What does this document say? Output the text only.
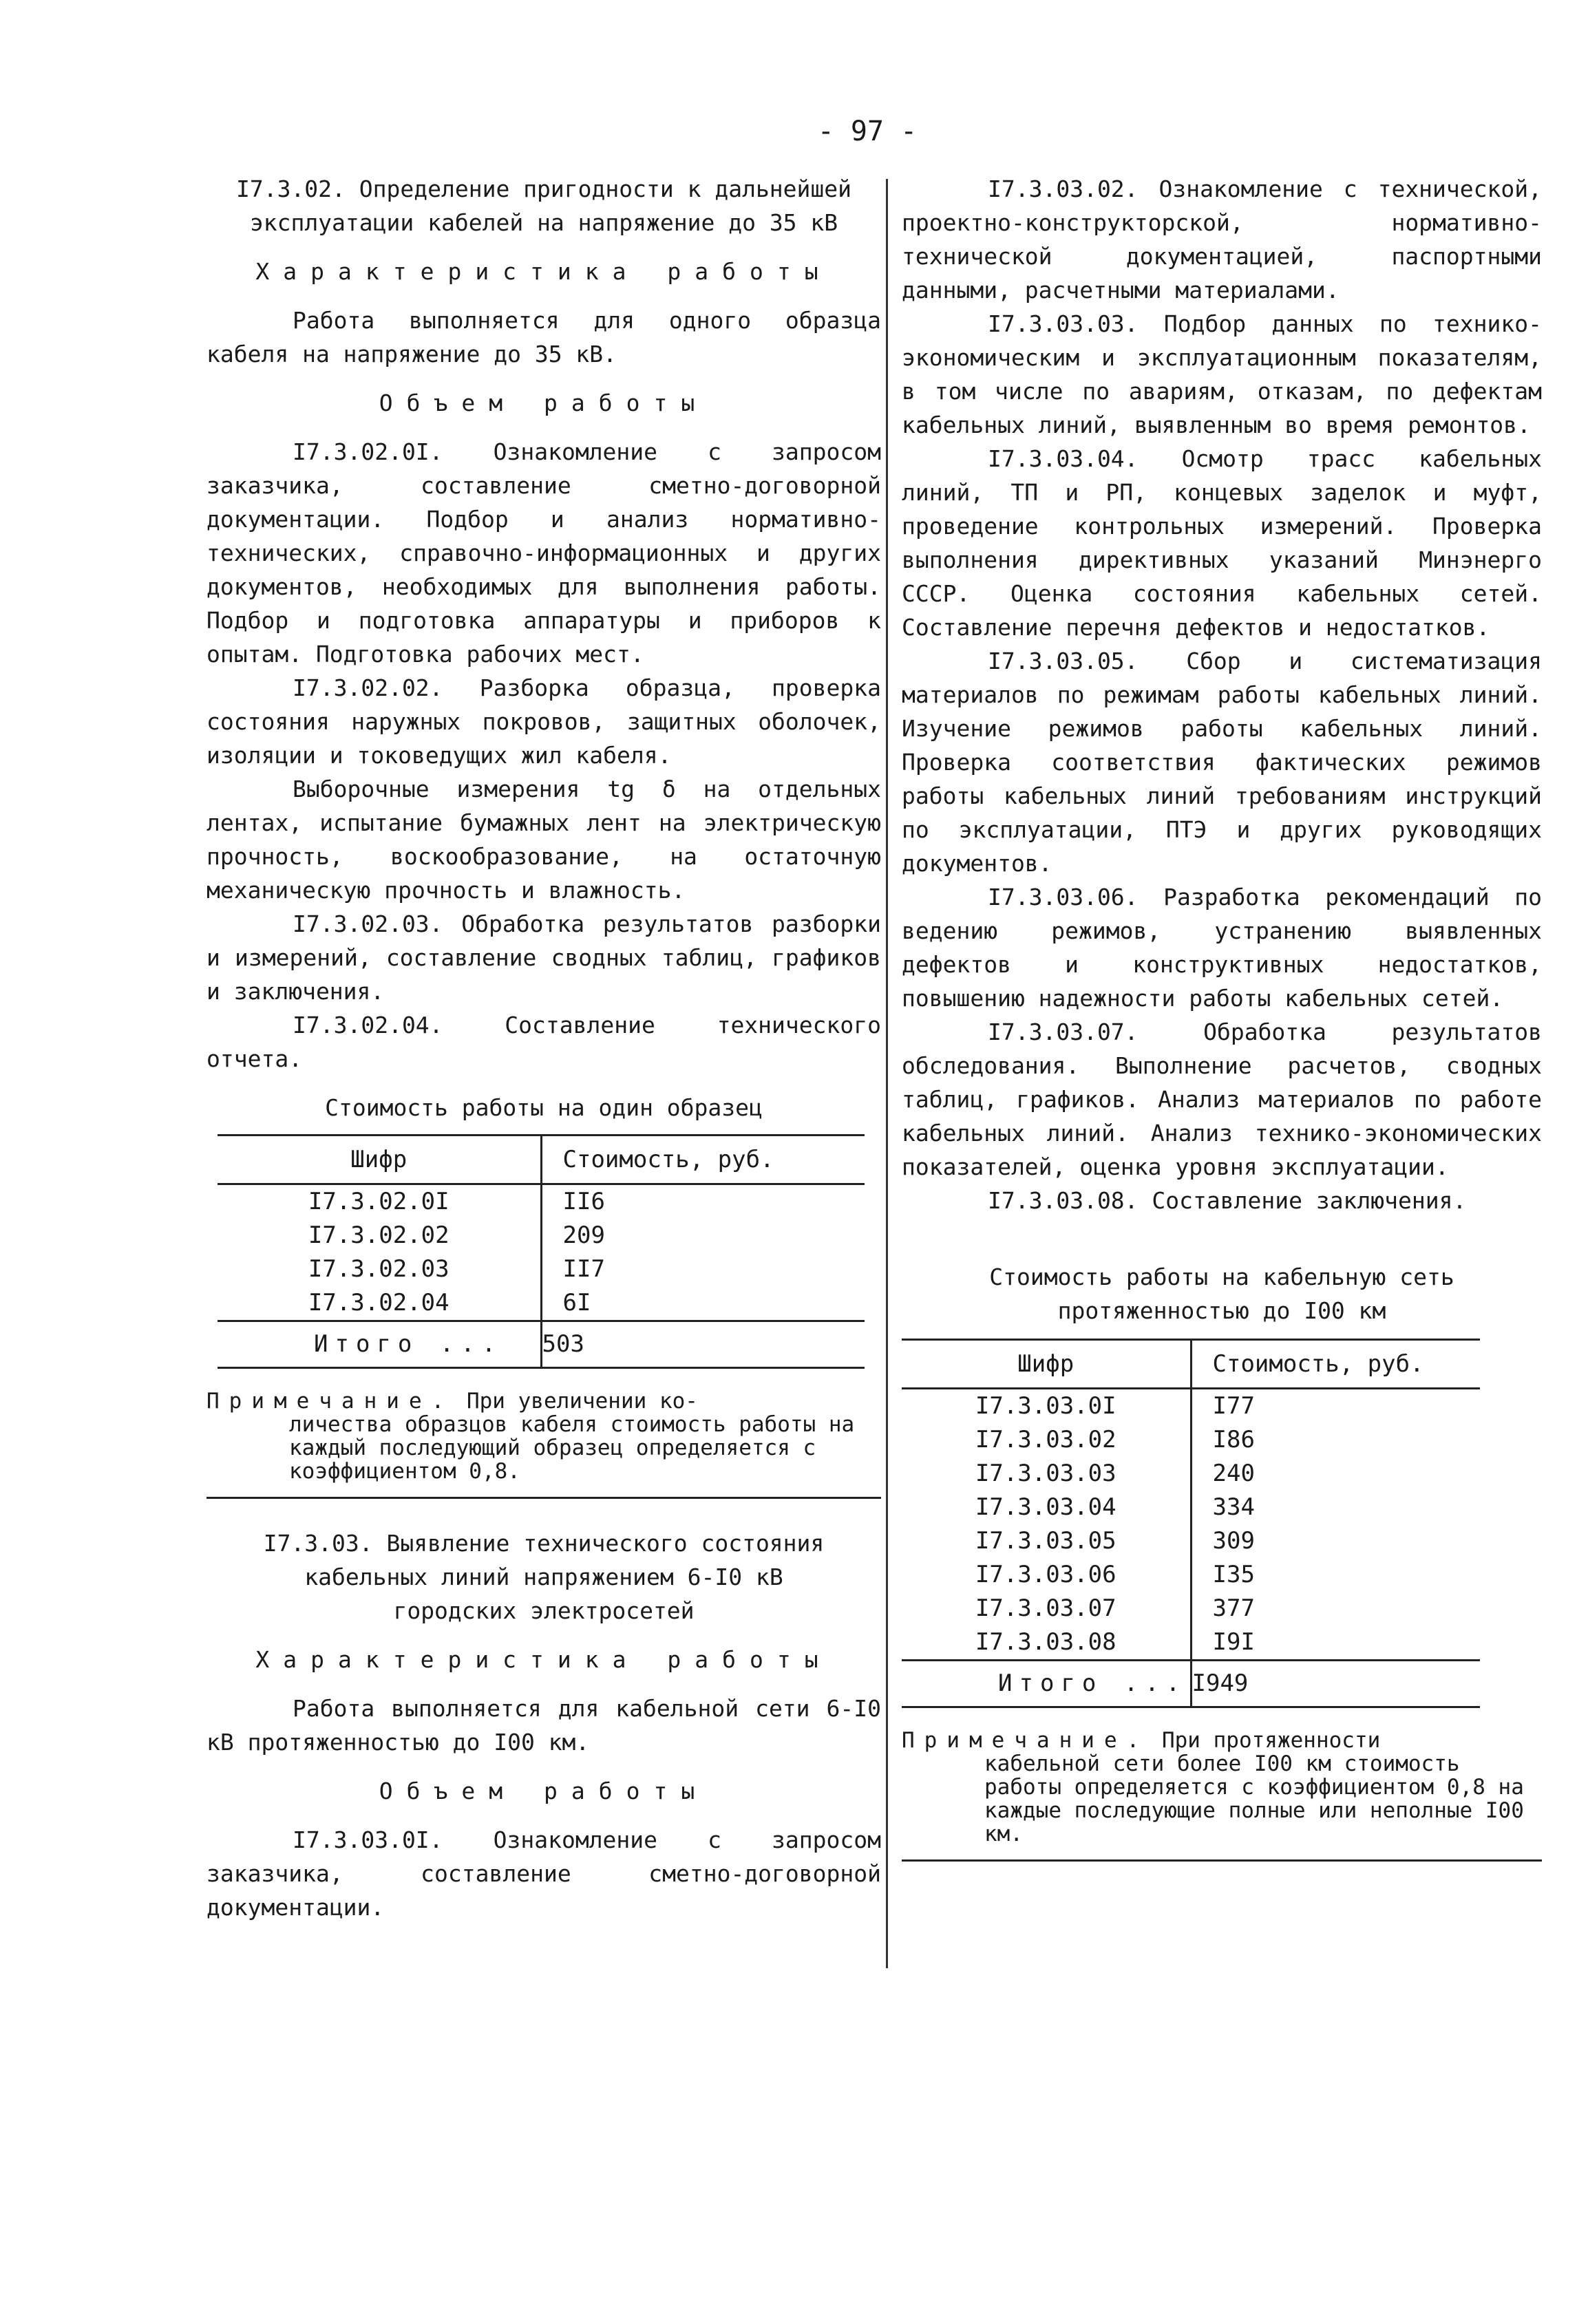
- 97 -

I7.3.02. Определение пригодности к дальнейшей

эксплуатации кабелей на напряжение до 35 кВ

Характеристика работы

Работа выполняется для одного образца кабеля на напряжение до 35 кВ.

Объем работы

I7.3.02.0I. Ознакомление с запросом заказчика, составление сметно-договорной документации. Подбор и анализ нормативно-технических, справочно-информационных и других документов, необходимых для выполнения работы. Подбор и подготовка аппаратуры и приборов к опытам. Подготовка рабочих мест.

I7.3.02.02. Разборка образца, проверка состояния наружных покровов, защитных оболочек, изоляции и токоведущих жил кабеля.

Выборочные измерения tg δ на отдельных лентах, испытание бумажных лент на электрическую прочность, воскообразование, на остаточную механическую прочность и влажность.

I7.3.02.03. Обработка результатов разборки и измерений, составление сводных таблиц, графиков и заключения.

I7.3.02.04. Составление технического отчета.

Стоимость работы на один образец

Шифр	Стоимость, руб.
I7.3.02.0I	II6
I7.3.02.02	209
I7.3.02.03	II7
I7.3.02.04	6I
Итого ...	503
Примечание. При увеличении ко-
личества образцов кабеля стоимость работы на каждый последующий образец определяется с коэффициентом 0,8.

I7.3.03. Выявление технического состояния

кабельных линий напряжением 6-I0 кВ

городских электросетей

Характеристика работы

Работа выполняется для кабельной сети 6-I0 кВ протяженностью до I00 км.

Объем работы

I7.3.03.0I. Ознакомление с запросом заказчика, составление сметно-договорной документации.

I7.3.03.02. Ознакомление с технической, проектно-конструкторской, нормативно-технической документацией, паспортными данными, расчетными материалами.

I7.3.03.03. Подбор данных по технико-экономическим и эксплуатационным показателям, в том числе по авариям, отказам, по дефектам кабельных линий, выявленным во время ремонтов.

I7.3.03.04. Осмотр трасс кабельных линий, ТП и РП, концевых заделок и муфт, проведение контрольных измерений. Проверка выполнения директивных указаний Минэнерго СССР. Оценка состояния кабельных сетей. Составление перечня дефектов и недостатков.

I7.3.03.05. Сбор и систематизация материалов по режимам работы кабельных линий. Изучение режимов работы кабельных линий. Проверка соответствия фактических режимов работы кабельных линий требованиям инструкций по эксплуатации, ПТЭ и других руководящих документов.

I7.3.03.06. Разработка рекомендаций по ведению режимов, устранению выявленных дефектов и конструктивных недостатков, повышению надежности работы кабельных сетей.

I7.3.03.07. Обработка результатов обследования. Выполнение расчетов, сводных таблиц, графиков. Анализ материалов по работе кабельных линий. Анализ технико-экономических показателей, оценка уровня эксплуатации.

I7.3.03.08. Составление заключения.

Стоимость работы на кабельную сеть

протяженностью до I00 км

Шифр	Стоимость, руб.
I7.3.03.0I	I77
I7.3.03.02	I86
I7.3.03.03	240
I7.3.03.04	334
I7.3.03.05	309
I7.3.03.06	I35
I7.3.03.07	377
I7.3.03.08	I9I
Итого ...	I949
Примечание. При протяженности
кабельной сети более I00 км стоимость работы определяется с коэффициентом 0,8 на каждые последующие полные или неполные I00 км.
